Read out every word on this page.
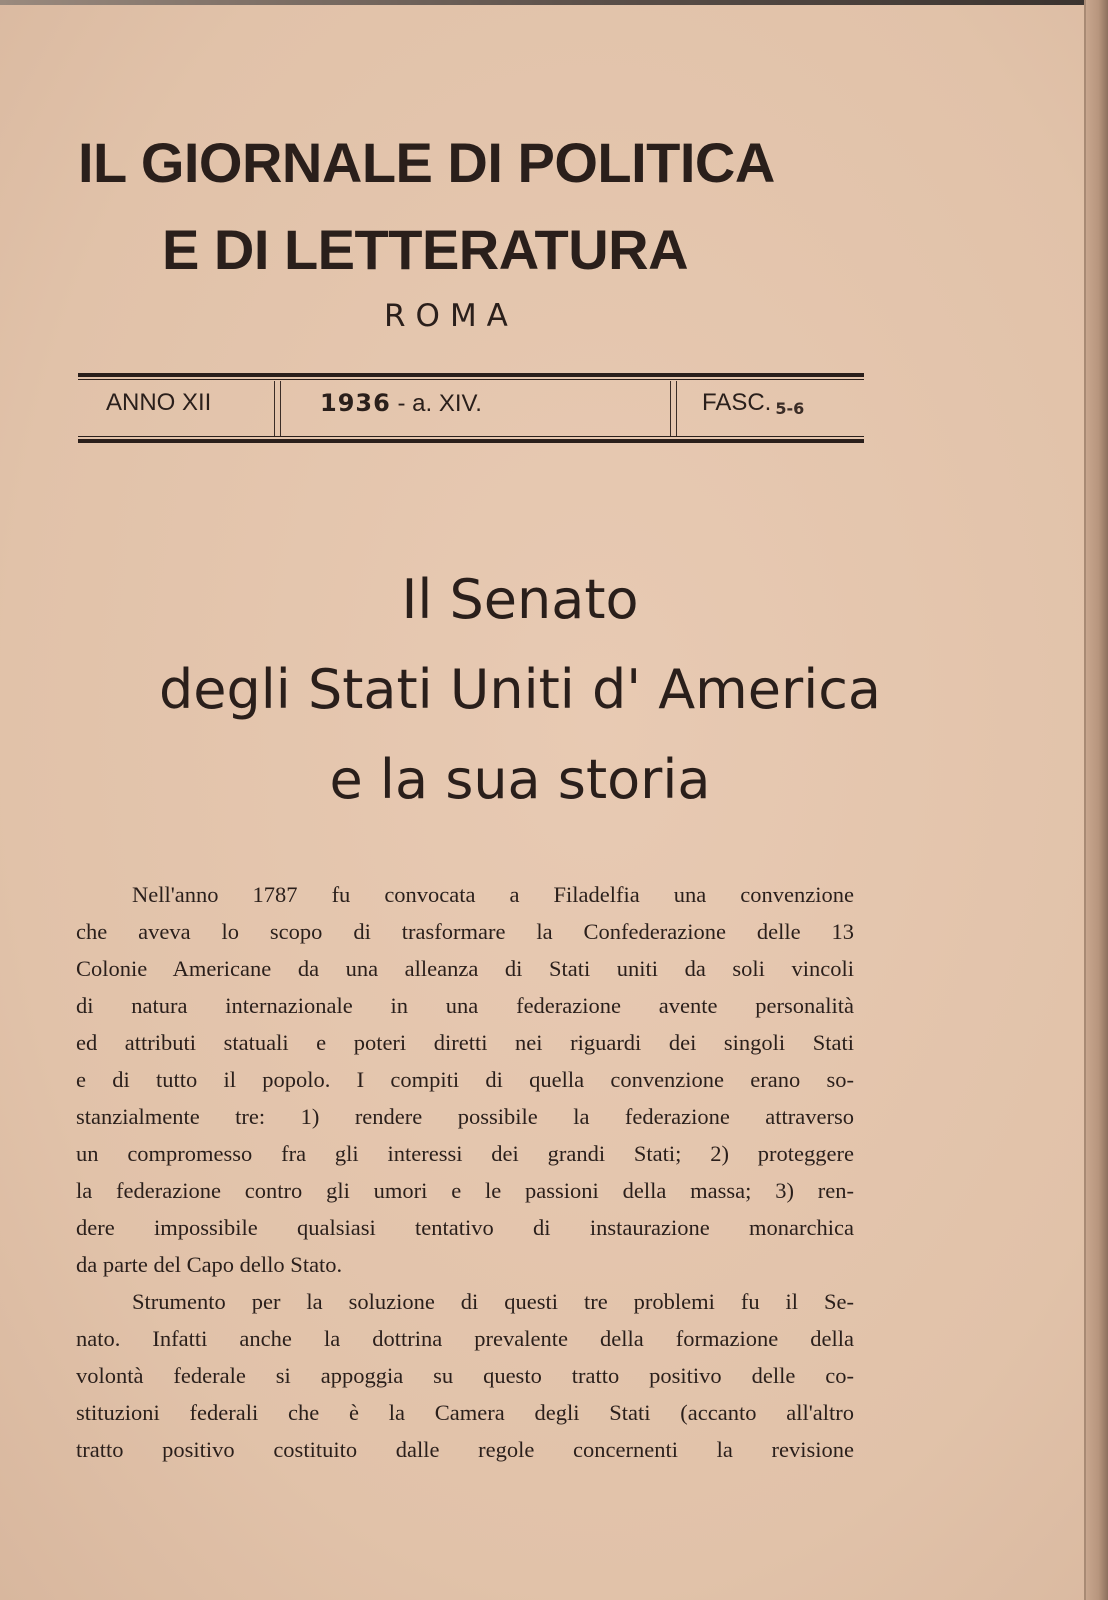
IL GIORNALE DI POLITICA
E DI LETTERATURA
ROMA
ANNO XII	1936 - a. XIV.	FASC. 5-6
Il Senato
degli Stati Uniti d' America
e la sua storia
Nell'anno 1787 fu convocata a Filadelfia una convenzione
che aveva lo scopo di trasformare la Confederazione delle 13
Colonie Americane da una alleanza di Stati uniti da soli vincoli
di natura internazionale in una federazione avente personalità
ed attributi statuali e poteri diretti nei riguardi dei singoli Stati
e di tutto il popolo. I compiti di quella convenzione erano so-
stanzialmente tre: 1) rendere possibile la federazione attraverso
un compromesso fra gli interessi dei grandi Stati; 2) proteggere
la federazione contro gli umori e le passioni della massa; 3) ren-
dere impossibile qualsiasi tentativo di instaurazione monarchica
da parte del Capo dello Stato.
Strumento per la soluzione di questi tre problemi fu il Se-
nato. Infatti anche la dottrina prevalente della formazione della
volontà federale si appoggia su questo tratto positivo delle co-
stituzioni federali che è la Camera degli Stati (accanto all'altro
tratto positivo costituito dalle regole concernenti la revisione
